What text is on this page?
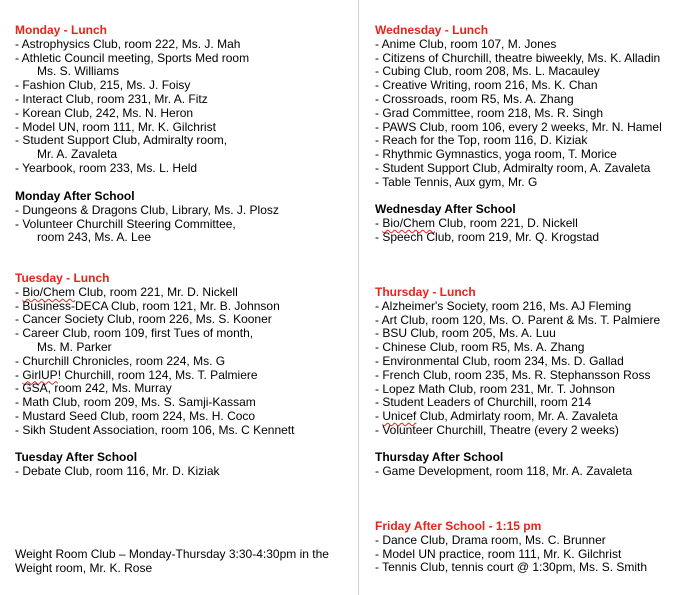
Monday - Lunch
- Astrophysics Club, room 222, Ms. J. Mah
- Athletic Council meeting, Sports Med room
Ms. S. Williams
- Fashion Club, 215, Ms. J. Foisy
- Interact Club, room 231, Mr. A. Fitz
- Korean Club, 242, Ms. N. Heron
- Model UN, room 111, Mr. K. Gilchrist
- Student Support Club, Admiralty room,
Mr. A. Zavaleta
- Yearbook, room 233, Ms. L. Held
Monday After School
- Dungeons & Dragons Club, Library, Ms. J. Plosz
- Volunteer Churchill Steering Committee,
room 243, Ms. A. Lee
Tuesday - Lunch
- Bio/Chem Club, room 221, Mr. D. Nickell
- Business-DECA Club, room 121, Mr. B. Johnson
- Cancer Society Club, room 226, Ms. S. Kooner
- Career Club, room 109, first Tues of month,
Ms. M. Parker
- Churchill Chronicles, room 224, Ms. G
- GirlUP! Churchill, room 124, Ms. T. Palmiere
- GSA, room 242, Ms. Murray
- Math Club, room 209, Ms. S. Samji-Kassam
- Mustard Seed Club, room 224, Ms. H. Coco
- Sikh Student Association, room 106, Ms. C Kennett
Tuesday After School
- Debate Club, room 116, Mr. D. Kiziak
Weight Room Club – Monday-Thursday 3:30-4:30pm in the Weight room, Mr. K. Rose
Wednesday - Lunch
- Anime Club, room 107, M. Jones
- Citizens of Churchill, theatre biweekly, Ms. K. Alladin
- Cubing Club, room 208, Ms. L. Macauley
- Creative Writing, room 216, Ms. K. Chan
- Crossroads, room R5, Ms. A. Zhang
- Grad Committee, room 218, Ms. R. Singh
- PAWS Club, room 106, every 2 weeks, Mr. N. Hamel
- Reach for the Top, room 116, D. Kiziak
- Rhythmic Gymnastics, yoga room, T. Morice
- Student Support Club, Admiralty room, A. Zavaleta
- Table Tennis, Aux gym, Mr. G
Wednesday After School
- Bio/Chem Club, room 221, D. Nickell
- Speech Club, room 219, Mr. Q. Krogstad
Thursday - Lunch
- Alzheimer's Society, room 216, Ms. AJ Fleming
- Art Club, room 120, Ms. O. Parent & Ms. T. Palmiere
- BSU Club, room 205, Ms. A. Luu
- Chinese Club, room R5, Ms. A. Zhang
- Environmental Club, room 234, Ms. D. Gallad
- French Club, room 235, Ms. R. Stephansson Ross
- Lopez Math Club, room 231, Mr. T. Johnson
- Student Leaders of Churchill, room 214
- Unicef Club, Admirlaty room, Mr. A. Zavaleta
- Volunteer Churchill, Theatre (every 2 weeks)
Thursday After School
- Game Development, room 118, Mr. A. Zavaleta
Friday After School - 1:15 pm
- Dance Club, Drama room, Ms. C. Brunner
- Model UN practice, room 111, Mr. K. Gilchrist
- Tennis Club, tennis court @ 1:30pm, Ms. S. Smith
